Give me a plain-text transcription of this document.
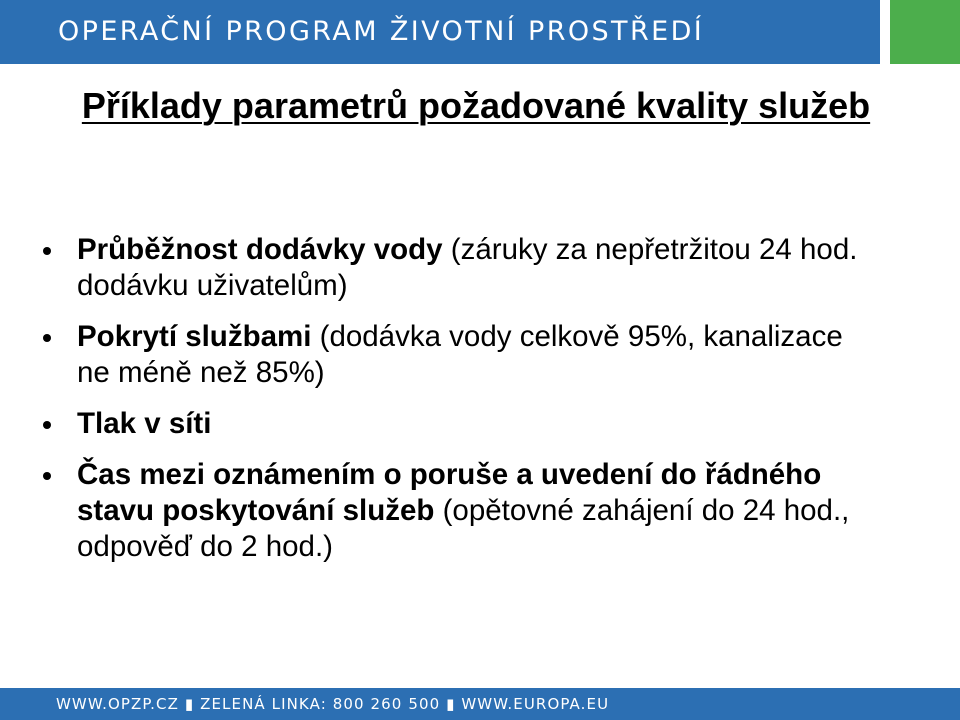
OPERAČNÍ PROGRAM ŽIVOTNÍ PROSTŘEDÍ
Příklady parametrů požadované kvality služeb
Průběžnost dodávky vody (záruky za nepřetržitou 24 hod. dodávku uživatelům)
Pokrytí službami (dodávka vody celkově 95%, kanalizace ne méně než 85%)
Tlak v síti
Čas mezi oznámením o poruše a uvedení do řádného stavu poskytování služeb (opětovné zahájení do 24 hod., odpověď do 2 hod.)
WWW.OPZP.CZ ▮ ZELENÁ LINKA: 800 260 500 ▮ WWW.EUROPA.EU
